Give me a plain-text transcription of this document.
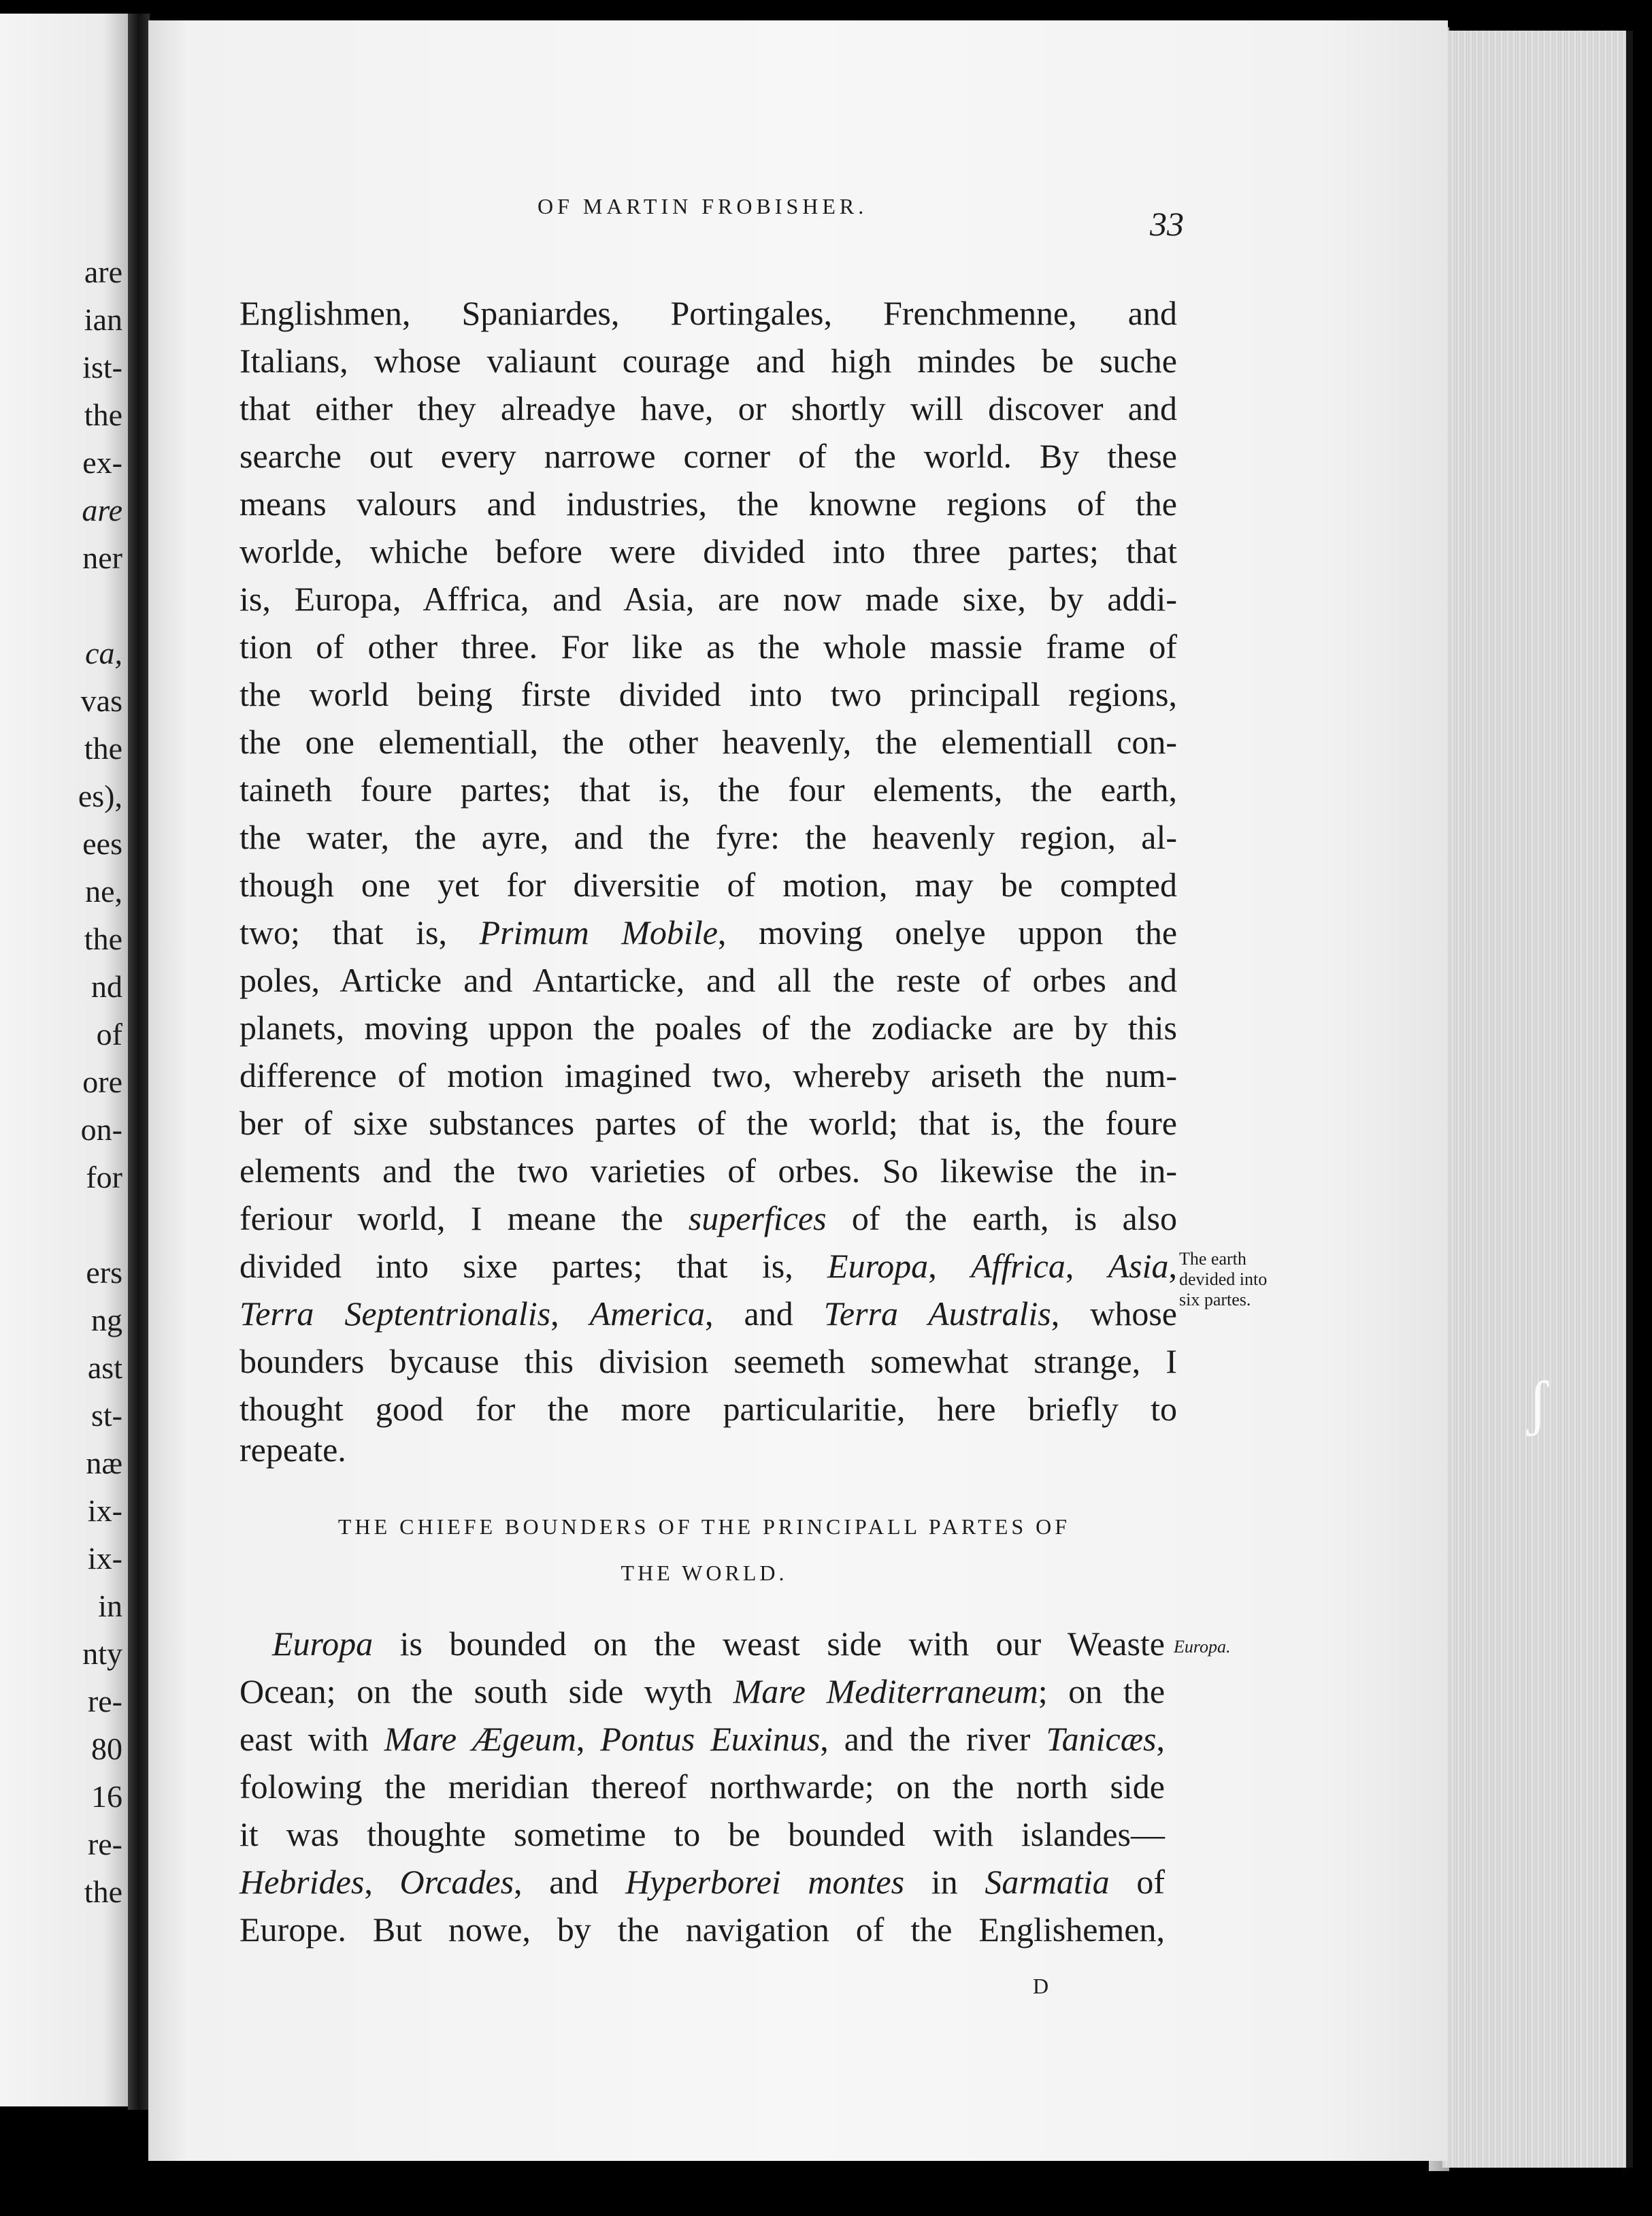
are
ian
ist-
the
ex-
are
ner
ca,
vas
the
es),
ees
ne,
the
nd
of
ore
on-
for
ers
ng
ast
st-
næ
ix-
ix-
in
nty
re-
80
16
re-
the
OF MARTIN FROBISHER.	33
Englishmen, Spaniardes, Portingales, Frenchmenne, and
Italians, whose valiaunt courage and high mindes be suche
that either they alreadye have, or shortly will discover and
searche out every narrowe corner of the world. By these
means valours and industries, the knowne regions of the
worlde, whiche before were divided into three partes; that
is, Europa, Affrica, and Asia, are now made sixe, by addi-
tion of other three. For like as the whole massie frame of
the world being firste divided into two principall regions,
the one elementiall, the other heavenly, the elementiall con-
taineth foure partes; that is, the four elements, the earth,
the water, the ayre, and the fyre: the heavenly region, al-
though one yet for diversitie of motion, may be compted
two; that is, Primum Mobile, moving onelye uppon the
poles, Articke and Antarticke, and all the reste of orbes and
planets, moving uppon the poales of the zodiacke are by this
difference of motion imagined two, whereby ariseth the num-
ber of sixe substances partes of the world; that is, the foure
elements and the two varieties of orbes. So likewise the in-
feriour world, I meane the superfices of the earth, is also
divided into sixe partes; that is, Europa, Affrica, Asia,
Terra Septentrionalis, America, and Terra Australis, whose
bounders bycause this division seemeth somewhat strange, I
thought good for the more particularitie, here briefly to
repeate.
The earth
devided into
six partes.
THE CHIEFE BOUNDERS OF THE PRINCIPALL PARTES OF
THE WORLD.
Europa is bounded on the weast side with our Weaste
Ocean; on the south side wyth Mare Mediterraneum; on the
east with Mare Ægeum, Pontus Euxinus, and the river Tanicæs,
folowing the meridian thereof northwarde; on the north side
it was thoughte sometime to be bounded with islandes—
Hebrides, Orcades, and Hyperborei montes in Sarmatia of
Europe. But nowe, by the navigation of the Englishemen,
Europa.
D
ʃ
